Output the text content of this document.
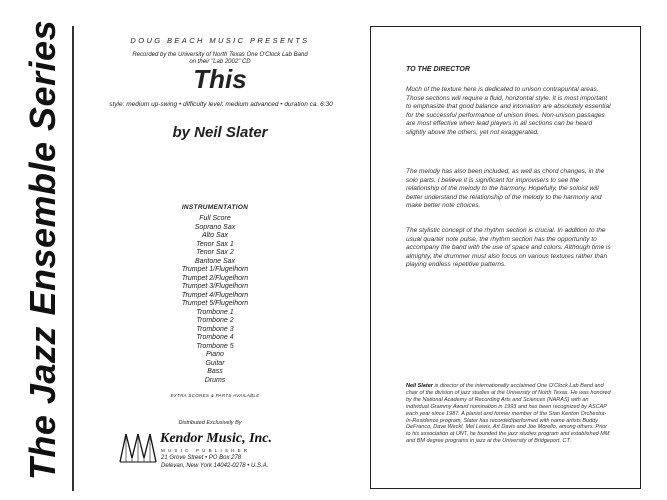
The Jazz Ensemble Series	DOUG BEACH MUSIC PRESENTS
Recorded by the University of North Texas One O'Clock Lab Band
on their "Lab 2002" CD
This
style: medium up-swing • difficulty level: medium advanced • duration ca. 6:30
by Neil Slater
INSTRUMENTATION
Full Score
Soprano Sax
Alto Sax
Tenor Sax 1
Tenor Sax 2
Baritone Sax
Trumpet 1/Flugelhorn
Trumpet 2/Flugelhorn
Trumpet 3/Flugelhorn
Trumpet 4/Flugelhorn
Trumpet 5/Flugelhorn
Trombone 1
Trombone 2
Trombone 3
Trombone 4
Trombone 5
Piano
Guitar
Bass
Drums
EXTRA SCORES & PARTS AVAILABLE
Distributed Exclusively By
Kendor Music, Inc.
MUSIC PUBLISHER
21 Grove Street • PO Box 278
Delevan, New York 14042-0278 • U.S.A.
TO THE DIRECTOR

Much of the texture here is dedicated to unison contrapuntal areas. Those sections will require a fluid, horizontal style. It is most important to emphasize that good balance and intonation are absolutely essential for the successful performance of unison lines. Non-unison passages are most effective when lead players in all sections can be heard slightly above the others, yet not exaggerated.

The melody has also been included, as well as chord changes, in the solo parts. I believe it is significant for improvisers to see the relationship of the melody to the harmony. Hopefully, the soloist will better understand the relationship of the melody to the harmony and make better note choices.

The stylistic concept of the rhythm section is crucial. In addition to the usual quarter note pulse, the rhythm section has the opportunity to accompany the band with the use of space and colors. Although time is almighty, the drummer must also focus on various textures rather than playing endless repetitive patterns.

Neil Slater is director of the internationally acclaimed One O'Clock Lab Band and chair of the division of jazz studies at the University of North Texas. He was honored by the National Academy of Recording Arts and Sciences (NARAS) with an individual Grammy Award nomination in 1993 and has been recognized by ASCAP each year since 1987. A pianist and former member of the Stan Kenton Orchestra-In-Residence program, Slater has recorded/performed with name artists Buddy DeFranco, Dave Weckl, Mel Lewis, Art Davis and Joe Morello, among others. Prior to his association at UNT, he founded the jazz studies program and established MM and BM degree programs in jazz at the University of Bridgeport, CT.
